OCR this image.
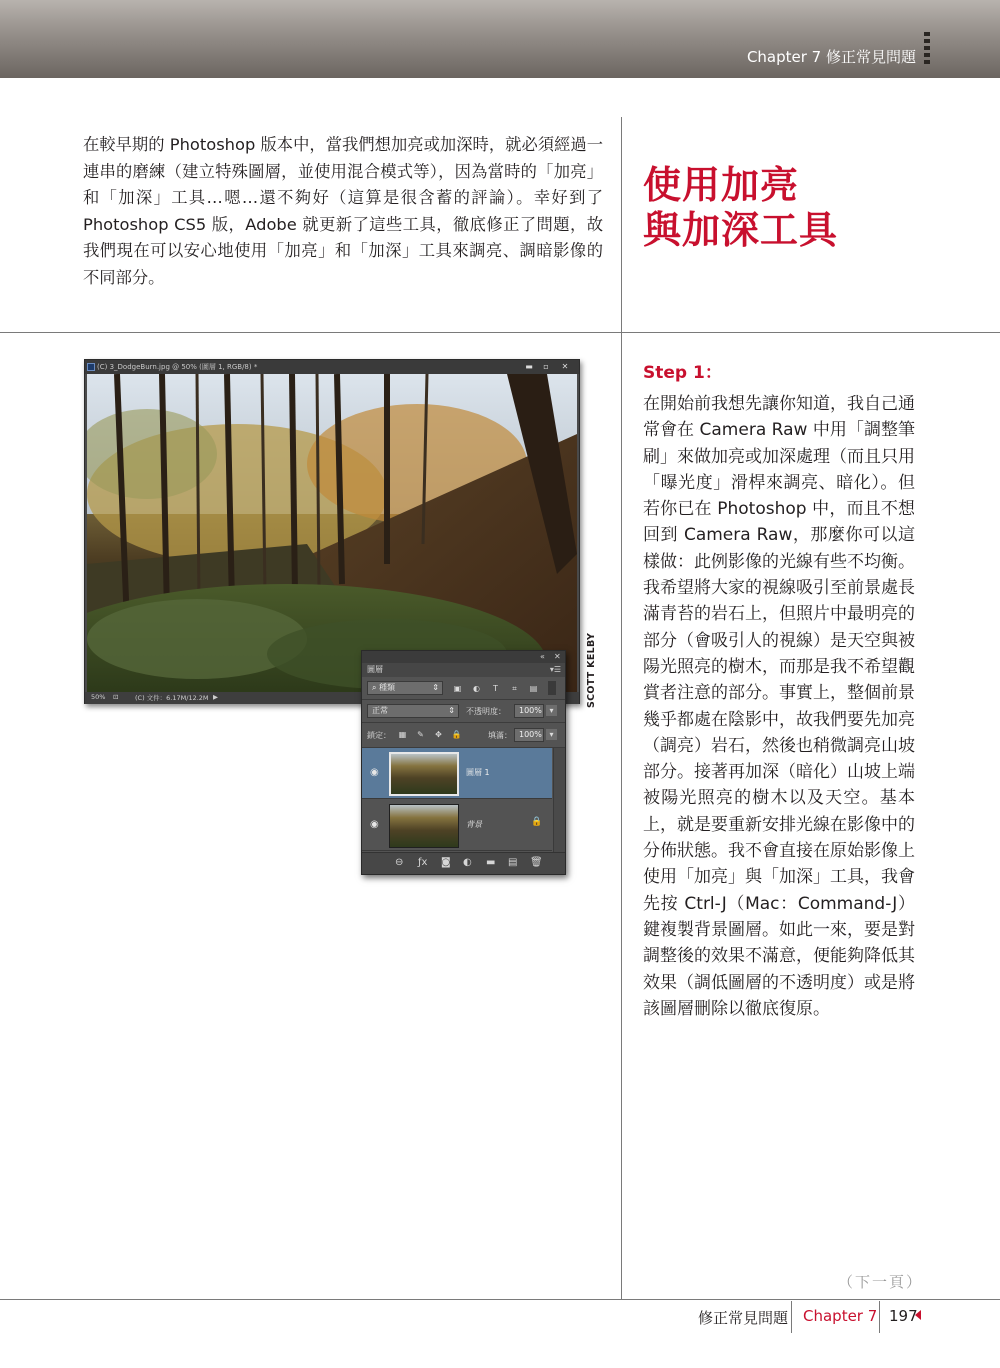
Chapter 7 修正常見問題
在較早期的 Photoshop 版本中，當我們想加亮或加深時，就必須經過一連串的磨練（建立特殊圖層，並使用混合模式等），因為當時的「加亮」和「加深」工具…嗯…還不夠好（這算是很含蓄的評論）。幸好到了 Photoshop CS5 版，Adobe 就更新了這些工具，徹底修正了問題，故我們現在可以安心地使用「加亮」和「加深」工具來調亮、調暗影像的不同部分。
使用加亮
與加深工具
Step 1：
在開始前我想先讓你知道，我自己通常會在 Camera Raw 中用「調整筆刷」來做加亮或加深處理（而且只用「曝光度」滑桿來調亮、暗化）。但若你已在 Photoshop 中，而且不想回到 Camera Raw，那麼你可以這樣做：此例影像的光線有些不均衡。我希望將大家的視線吸引至前景處長滿青苔的岩石上，但照片中最明亮的部分（會吸引人的視線）是天空與被陽光照亮的樹木，而那是我不希望觀賞者注意的部分。事實上，整個前景幾乎都處在陰影中，故我們要先加亮（調亮）岩石，然後也稍微調亮山坡部分。接著再加深（暗化）山坡上端被陽光照亮的樹木以及天空。基本上，就是要重新安排光線在影像中的分佈狀態。我不會直接在原始影像上使用「加亮」與「加深」工具，我會先按 Ctrl-J（Mac：Command-J）鍵複製背景圖層。如此一來，要是對調整後的效果不滿意，便能夠降低其效果（調低圖層的不透明度）或是將該圖層刪除以徹底復原。
(C) 3_DodgeBurn.jpg @ 50% (圖層 1, RGB/8) *	▬	▫	✕
50% ⊡	(C) 文件：6.17M/12.2M ▶	SCOTT KELBY
« ✕
圖層	▾☰
⌕ 種類	⇕ ▣ ◐	T	⌗	▤
正常	⇕ 不透明度：	100% ▾
鎖定： ▦ ✎ ✥ 🔒	填滿： 100% ▾
◉	圖層 1
◉	背景	🔒
⊖ ƒx ◙ ◐ ▬ ▤ 🗑
（下一頁）
修正常見問題 Chapter 7 197
